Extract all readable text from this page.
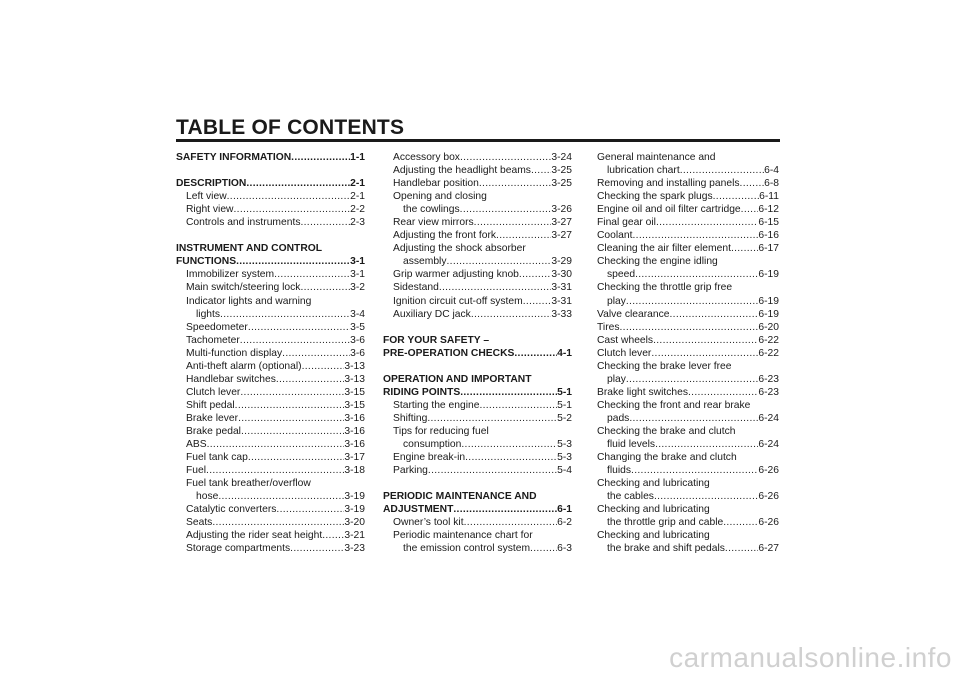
TABLE OF CONTENTS
SAFETY INFORMATION .....	1-1
DESCRIPTION .....	2-1
Left view .....	2-1
Right view .....	2-2
Controls and instruments .....	2-3
INSTRUMENT AND CONTROL
FUNCTIONS .....	3-1
Immobilizer system .....	3-1
Main switch/steering lock .....	3-2
Indicator lights and warning
lights .....	3-4
Speedometer .....	3-5
Tachometer .....	3-6
Multi-function display .....	3-6
Anti-theft alarm (optional) .....	3-13
Handlebar switches .....	3-13
Clutch lever .....	3-15
Shift pedal .....	3-15
Brake lever .....	3-16
Brake pedal .....	3-16
ABS .....	3-16
Fuel tank cap .....	3-17
Fuel .....	3-18
Fuel tank breather/overflow
hose .....	3-19
Catalytic converters .....	3-19
Seats .....	3-20
Adjusting the rider seat height ..... 3-21
Storage compartments .....	3-23
Accessory box .....	3-24
Adjusting the headlight beams ..... 3-25
Handlebar position .....	3-25
Opening and closing
the cowlings .....	3-26
Rear view mirrors .....	3-27
Adjusting the front fork .....	3-27
Adjusting the shock absorber
assembly .....	3-29
Grip warmer adjusting knob .....	3-30
Sidestand .....	3-31
Ignition circuit cut-off system .....	3-31
Auxiliary DC jack .....	3-33
FOR YOUR SAFETY –
PRE-OPERATION CHECKS .....	4-1
OPERATION AND IMPORTANT
RIDING POINTS .....	5-1
Starting the engine .....	5-1
Shifting .....	5-2
Tips for reducing fuel
consumption .....	5-3
Engine break-in .....	5-3
Parking .....	5-4
PERIODIC MAINTENANCE AND
ADJUSTMENT .....	6-1
Owner’s tool kit .....	6-2
Periodic maintenance chart for
the emission control system .....	6-3
General maintenance and
lubrication chart .....	6-4
Removing and installing panels ..... 6-8
Checking the spark plugs .....	6-11
Engine oil and oil filter cartridge ..... 6-12
Final gear oil .....	6-15
Coolant .....	6-16
Cleaning the air filter element .....	6-17
Checking the engine idling
speed .....	6-19
Checking the throttle grip free
play .....	6-19
Valve clearance .....	6-19
Tires .....	6-20
Cast wheels .....	6-22
Clutch lever .....	6-22
Checking the brake lever free
play .....	6-23
Brake light switches .....	6-23
Checking the front and rear brake
pads .....	6-24
Checking the brake and clutch
fluid levels .....	6-24
Changing the brake and clutch
fluids .....	6-26
Checking and lubricating
the cables .....	6-26
Checking and lubricating
the throttle grip and cable .....	6-26
Checking and lubricating
the brake and shift pedals .....	6-27
carmanualsonline.info
